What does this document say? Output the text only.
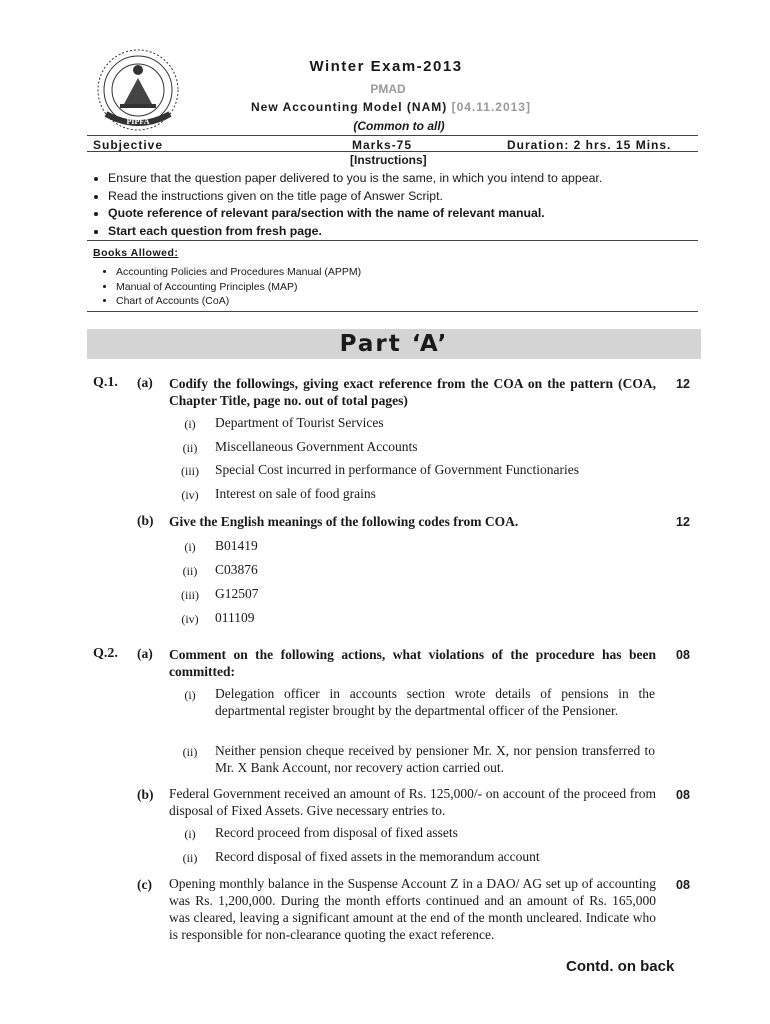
PIPFA
Winter Exam-2013
PMAD
New Accounting Model (NAM) [04.11.2013]
(Common to all)
Subjective	Marks-75	Duration: 2 hrs. 15 Mins.
[Instructions]
• Ensure that the question paper delivered to you is the same, in which you intend to appear.
• Read the instructions given on the title page of Answer Script.
• Quote reference of relevant para/section with the name of relevant manual.
• Start each question from fresh page.
Books Allowed:
• Accounting Policies and Procedures Manual (APPM)
• Manual of Accounting Principles (MAP)
• Chart of Accounts (CoA)
Part ‘A’
Q.1. (a) Codify the followings, giving exact reference from the COA on the pattern (COA, Chapter Title, page no. out of total pages)
12
(i)	Department of Tourist Services
(ii)	Miscellaneous Government Accounts
(iii)	Special Cost incurred in performance of Government Functionaries
(iv)	Interest on sale of food grains
(b) Give the English meanings of the following codes from COA.	12
(i)	B01419
(ii)	C03876
(iii)	G12507
(iv)	011109
Q.2. (a) Comment on the following actions, what violations of the procedure has been committed:
08
(i)	Delegation officer in accounts section wrote details of pensions in the departmental register brought by the departmental officer of the Pensioner.
(ii)	Neither pension cheque received by pensioner Mr. X, nor pension transferred to Mr. X Bank Account, nor recovery action carried out.
(b) Federal Government received an amount of Rs. 125,000/- on account of the proceed from disposal of Fixed Assets. Give necessary entries to.
08
(i)	Record proceed from disposal of fixed assets
(ii)	Record disposal of fixed assets in the memorandum account
(c) Opening monthly balance in the Suspense Account Z in a DAO/ AG set up of accounting was Rs. 1,200,000. During the month efforts continued and an amount of Rs. 165,000 was cleared, leaving a significant amount at the end of the month uncleared. Indicate who is responsible for non-clearance quoting the exact reference.
08
Contd. on back
